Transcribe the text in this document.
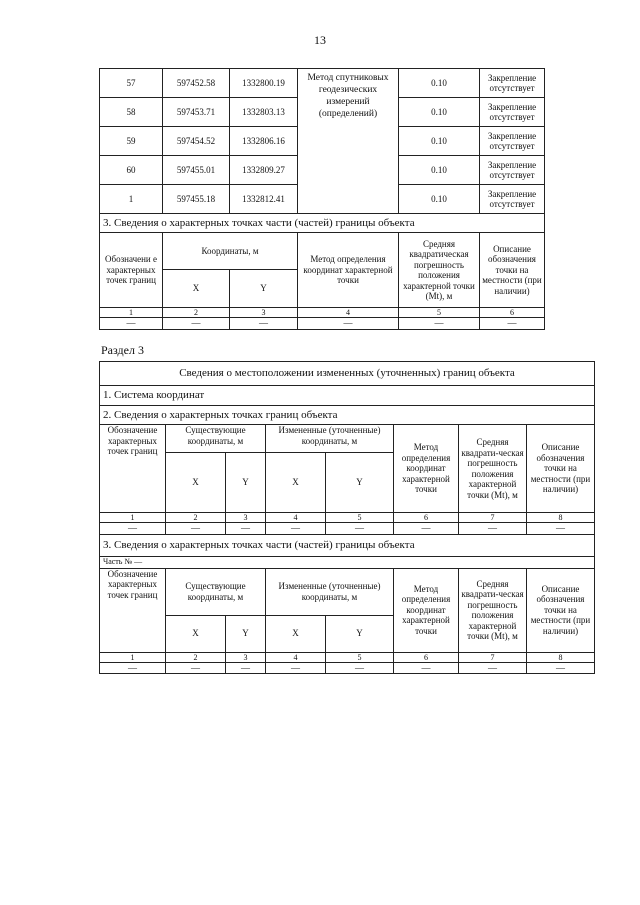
13
57	597452.58	1332800.19	Метод спутниковых геодезических измерений (определений)	0.10	Закрепление отсутствует
58	597453.71	1332803.13		0.10	Закрепление отсутствует
59	597454.52	1332806.16		0.10	Закрепление отсутствует
60	597455.01	1332809.27		0.10	Закрепление отсутствует
1	597455.18	1332812.41		0.10	Закрепление отсутствует
3. Сведения о характерных точках части (частей) границы объекта					
Обозначени е характерных точек границ	Координаты, м		Метод определения координат характерной точки	Средняя квадратическая погрешность положения характерной точки (Mt), м	Описание обозначения точки на местности (при наличии)
	X	Y			
1	2	3	4	5	6
—	—	—	—	—	—
Раздел 3
Сведения о местоположении измененных (уточненных) границ объекта							
1. Система координат							
2. Сведения о характерных точках границ объекта							
Обозначение характерных точек границ	Существующие координаты, м		Измененные (уточненные) координаты, м		Метод определения координат характерной точки	Средняя квадрати-ческая погрешность положения характерной точки (Mt), м	Описание обозначения точки на местности (при наличии)
	X	Y	X	Y			
1	2	3	4	5	6	7	8
—	—	—	—	—	—	—	—
3. Сведения о характерных точках части (частей) границы объекта							
Часть № —							
Обозначение характерных точек границ	Существующие координаты, м		Измененные (уточненные) координаты, м		Метод определения координат характерной точки	Средняя квадрати-ческая погрешность положения характерной точки (Mt), м	Описание обозначения точки на местности (при наличии)
	X	Y	X	Y			
1	2	3	4	5	6	7	8
—	—	—	—	—	—	—	—
